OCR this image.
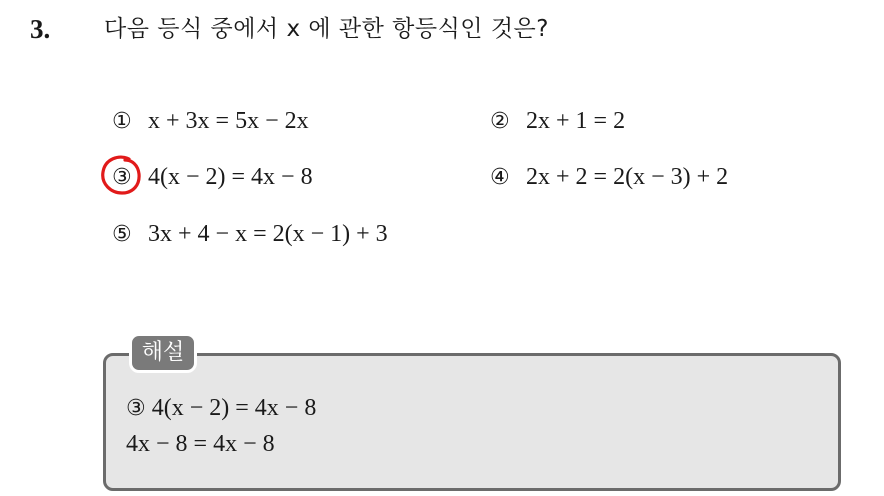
3. 다음 등식 중에서 x 에 관한 항등식인 것은?
① x + 3x = 5x − 2x	② 2x + 1 = 2
③ 4(x − 2) = 4x − 8	④ 2x + 2 = 2(x − 3) + 2
⑤ 3x + 4 − x = 2(x − 1) + 3
해설
③ 4(x − 2) = 4x − 8
4x − 8 = 4x − 8
